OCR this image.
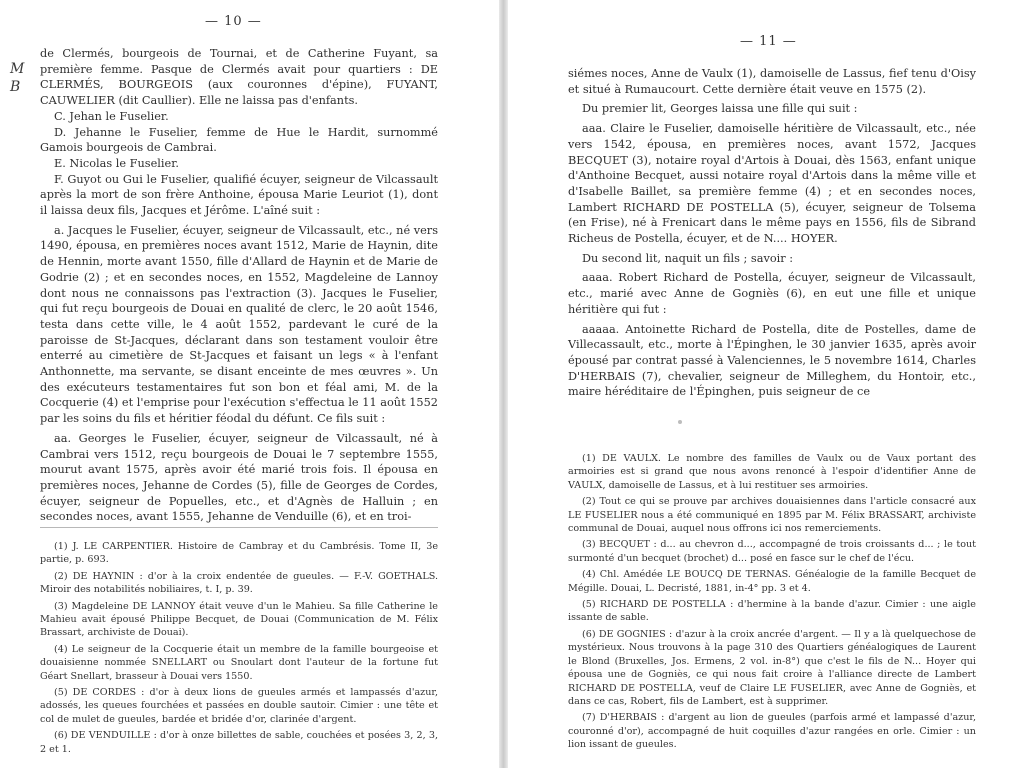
— 10 —
M
B

de Clermés, bourgeois de Tournai, et de Catherine Fuyant, sa première femme. Pasque de Clermés avait pour quartiers : DE CLERMÉS, BOURGEOIS (aux couronnes d'épine), FUYANT, CAUWELIER (dit Caullier). Elle ne laissa pas d'enfants.

C. Jehan le Fuselier.

D. Jehanne le Fuselier, femme de Hue le Hardit, surnommé Gamois bourgeois de Cambrai.

E. Nicolas le Fuselier.

F. Guyot ou Gui le Fuselier, qualifié écuyer, seigneur de Vilcassault après la mort de son frère Anthoine, épousa Marie Leuriot (1), dont il laissa deux fils, Jacques et Jérôme. L'aîné suit :

a. Jacques le Fuselier, écuyer, seigneur de Vilcassault, etc., né vers 1490, épousa, en premières noces avant 1512, Marie de Haynin, dite de Hennin, morte avant 1550, fille d'Allard de Haynin et de Marie de Godrie (2) ; et en secondes noces, en 1552, Magdeleine de Lannoy dont nous ne connaissons pas l'extraction (3). Jacques le Fuselier, qui fut reçu bourgeois de Douai en qualité de clerc, le 20 août 1546, testa dans cette ville, le 4 août 1552, pardevant le curé de la paroisse de St-Jacques, déclarant dans son testament vouloir être enterré au cimetière de St-Jacques et faisant un legs « à l'enfant Anthonnette, ma servante, se disant enceinte de mes œuvres ». Un des exécuteurs testamentaires fut son bon et féal ami, M. de la Cocquerie (4) et l'emprise pour l'exécution s'effectua le 11 août 1552 par les soins du fils et héritier féodal du défunt. Ce fils suit :

aa. Georges le Fuselier, écuyer, seigneur de Vilcassault, né à Cambrai vers 1512, reçu bourgeois de Douai le 7 septembre 1555, mourut avant 1575, après avoir été marié trois fois. Il épousa en premières noces, Jehanne de Cordes (5), fille de Georges de Cordes, écuyer, seigneur de Popuelles, etc., et d'Agnès de Halluin ; en secondes noces, avant 1555, Jehanne de Venduille (6), et en troi-

(1) J. LE CARPENTIER. Histoire de Cambray et du Cambrésis. Tome II, 3e partie, p. 693.

(2) DE HAYNIN : d'or à la croix endentée de gueules. — F.-V. GOETHALS. Miroir des notabilités nobiliaires, t. I, p. 39.

(3) Magdeleine DE LANNOY était veuve d'un le Mahieu. Sa fille Catherine le Mahieu avait épousé Philippe Becquet, de Douai (Communication de M. Félix Brassart, archiviste de Douai).

(4) Le seigneur de la Cocquerie était un membre de la famille bourgeoise et douaisienne nommée SNELLART ou Snoulart dont l'auteur de la fortune fut Géart Snellart, brasseur à Douai vers 1550.

(5) DE CORDES : d'or à deux lions de gueules armés et lampassés d'azur, adossés, les queues fourchées et passées en double sautoir. Cimier : une tête et col de mulet de gueules, bardée et bridée d'or, clarinée d'argent.

(6) DE VENDUILLE : d'or à onze billettes de sable, couchées et posées 3, 2, 3, 2 et 1.

— 11 —

siémes noces, Anne de Vaulx (1), damoiselle de Lassus, fief tenu d'Oisy et situé à Rumaucourt. Cette dernière était veuve en 1575 (2).

Du premier lit, Georges laissa une fille qui suit :

aaa. Claire le Fuselier, damoiselle héritière de Vilcassault, etc., née vers 1542, épousa, en premières noces, avant 1572, Jacques BECQUET (3), notaire royal d'Artois à Douai, dès 1563, enfant unique d'Anthoine Becquet, aussi notaire royal d'Artois dans la même ville et d'Isabelle Baillet, sa première femme (4) ; et en secondes noces, Lambert RICHARD DE POSTELLA (5), écuyer, seigneur de Tolsema (en Frise), né à Frenicart dans le même pays en 1556, fils de Sibrand Richeus de Postella, écuyer, et de N.... HOYER.

Du second lit, naquit un fils ; savoir :

aaaa. Robert Richard de Postella, écuyer, seigneur de Vilcassault, etc., marié avec Anne de Gogniès (6), en eut une fille et unique héritière qui fut :

aaaaa. Antoinette Richard de Postella, dite de Postelles, dame de Villecassault, etc., morte à l'Épinghen, le 30 janvier 1635, après avoir épousé par contrat passé à Valenciennes, le 5 novembre 1614, Charles D'HERBAIS (7), chevalier, seigneur de Milleghem, du Hontoir, etc., maire héréditaire de l'Épinghen, puis seigneur de ce

(1) DE VAULX. Le nombre des familles de Vaulx ou de Vaux portant des armoiries est si grand que nous avons renoncé à l'espoir d'identifier Anne de VAULX, damoiselle de Lassus, et à lui restituer ses armoiries.

(2) Tout ce qui se prouve par archives douaisiennes dans l'article consacré aux LE FUSELIER nous a été communiqué en 1895 par M. Félix BRASSART, archiviste communal de Douai, auquel nous offrons ici nos remerciements.

(3) BECQUET : d... au chevron d..., accompagné de trois croissants d... ; le tout surmonté d'un becquet (brochet) d... posé en fasce sur le chef de l'écu.

(4) Chl. Amédée LE BOUCQ DE TERNAS. Généalogie de la famille Becquet de Mégille. Douai, L. Decristé, 1881, in-4° pp. 3 et 4.

(5) RICHARD DE POSTELLA : d'hermine à la bande d'azur. Cimier : une aigle issante de sable.

(6) DE GOGNIES : d'azur à la croix ancrée d'argent. — Il y a là quelquechose de mystérieux. Nous trouvons à la page 310 des Quartiers généalogiques de Laurent le Blond (Bruxelles, Jos. Ermens, 2 vol. in-8°) que c'est le fils de N... Hoyer qui épousa une de Gogniès, ce qui nous fait croire à l'alliance directe de Lambert RICHARD DE POSTELLA, veuf de Claire LE FUSELIER, avec Anne de Gogniès, et dans ce cas, Robert, fils de Lambert, est à supprimer.

(7) D'HERBAIS : d'argent au lion de gueules (parfois armé et lampassé d'azur, couronné d'or), accompagné de huit coquilles d'azur rangées en orle. Cimier : un lion issant de gueules.
